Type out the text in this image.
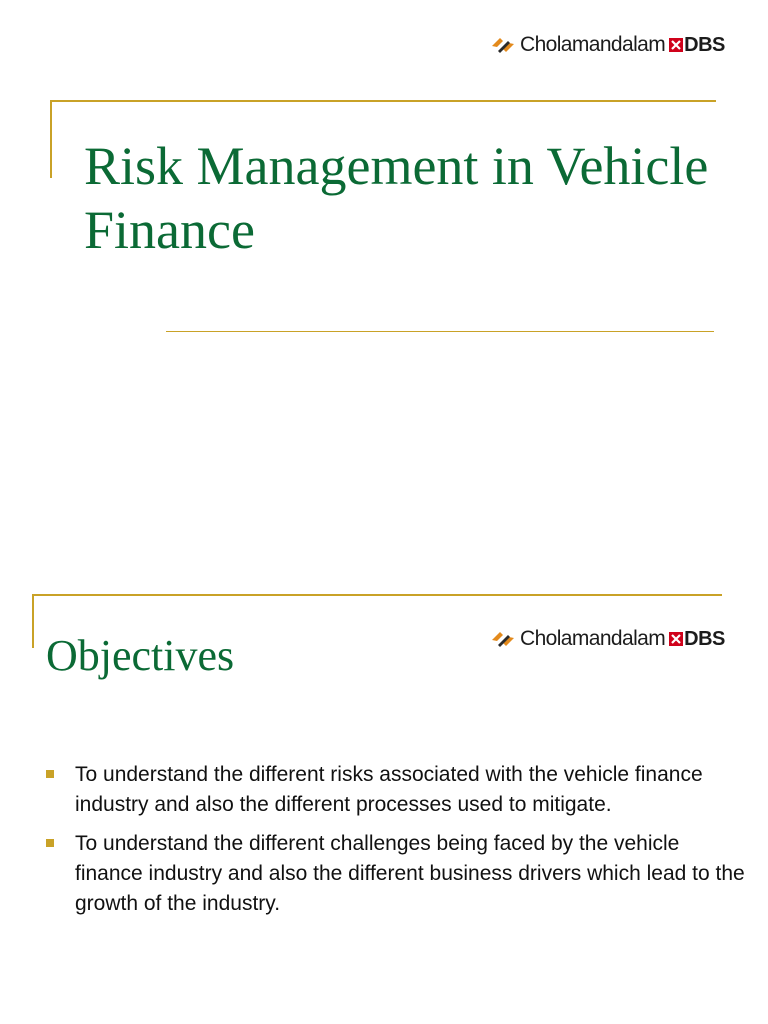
Cholamandalam DBS
Risk Management in Vehicle Finance
Cholamandalam DBS
Objectives
To understand the different risks associated with the vehicle finance industry and also the different processes used to mitigate.
To understand the different challenges being faced by the vehicle finance industry and also the different business drivers which lead to the growth of the industry.
